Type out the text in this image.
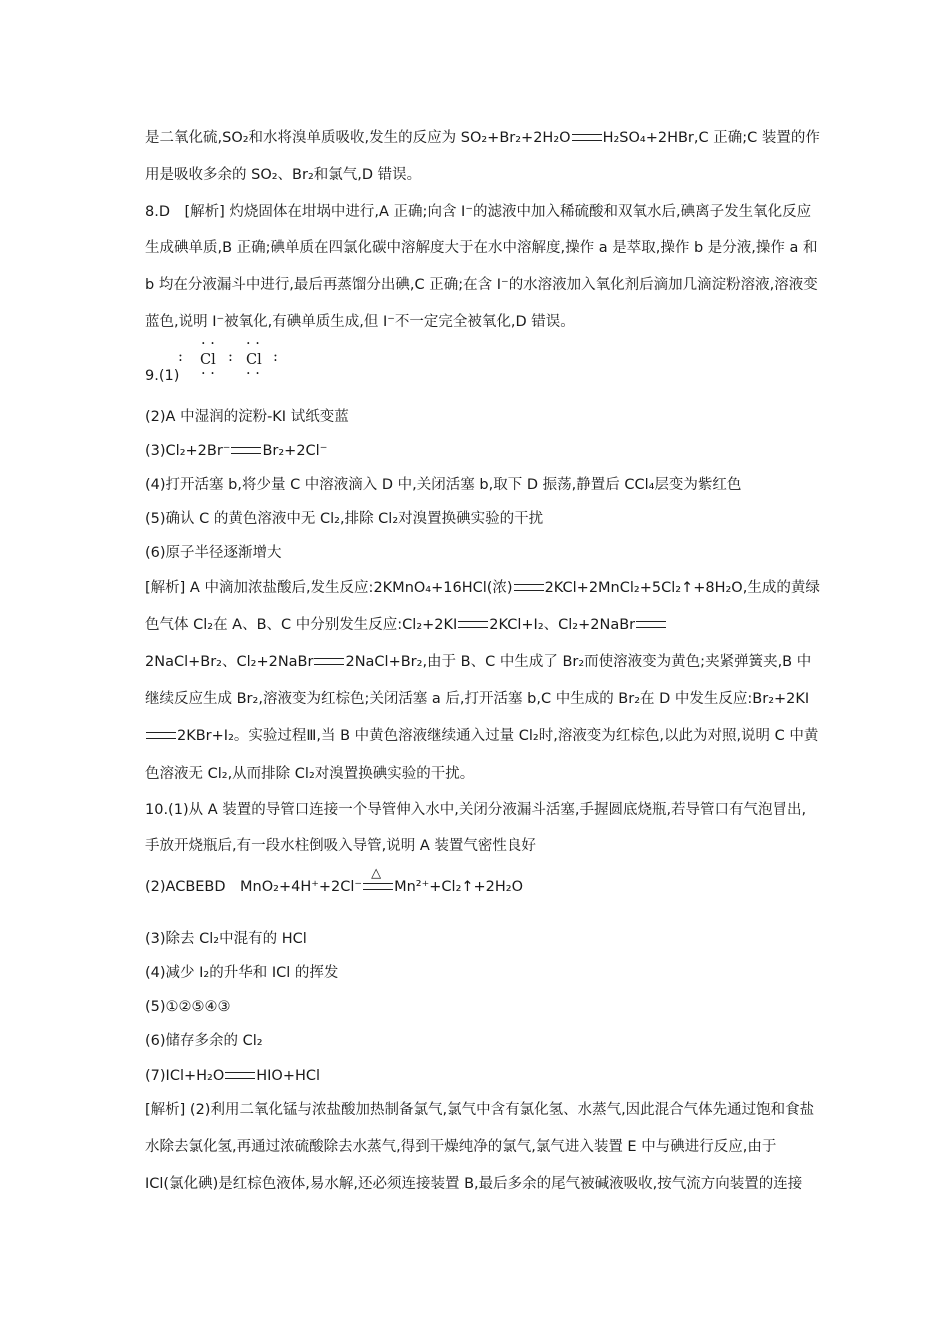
是二氧化硫,SO₂和水将溴单质吸收,发生的反应为 SO₂+Br₂+2H₂O H₂SO₄+2HBr,C 正确;C 装置的作
用是吸收多余的 SO₂、Br₂和氯气,D 错误。
8.D　[解析] 灼烧固体在坩埚中进行,A 正确;向含 I⁻的滤液中加入稀硫酸和双氧水后,碘离子发生氧化反应
生成碘单质,B 正确;碘单质在四氯化碳中溶解度大于在水中溶解度,操作 a 是萃取,操作 b 是分液,操作 a 和
b 均在分液漏斗中进行,最后再蒸馏分出碘,C 正确;在含 I⁻的水溶液加入氧化剂后滴加几滴淀粉溶液,溶液变
蓝色,说明 I⁻被氧化,有碘单质生成,但 I⁻不一定完全被氧化,D 错误。
9.(1)
:
· ·
Cl
· ·
:
· ·
Cl
· ·
:
(2)A 中湿润的淀粉-KI 试纸变蓝
(3)Cl₂+2Br⁻ Br₂+2Cl⁻
(4)打开活塞 b,将少量 C 中溶液滴入 D 中,关闭活塞 b,取下 D 振荡,静置后 CCl₄层变为紫红色
(5)确认 C 的黄色溶液中无 Cl₂,排除 Cl₂对溴置换碘实验的干扰
(6)原子半径逐渐增大
[解析] A 中滴加浓盐酸后,发生反应:2KMnO₄+16HCl(浓) 2KCl+2MnCl₂+5Cl₂↑+8H₂O,生成的黄绿
色气体 Cl₂在 A、B、C 中分别发生反应:Cl₂+2KI 2KCl+I₂、Cl₂+2NaBr
2NaCl+Br₂、Cl₂+2NaBr 2NaCl+Br₂,由于 B、C 中生成了 Br₂而使溶液变为黄色;夹紧弹簧夹,B 中
继续反应生成 Br₂,溶液变为红棕色;关闭活塞 a 后,打开活塞 b,C 中生成的 Br₂在 D 中发生反应:Br₂+2KI
2KBr+I₂。实验过程Ⅲ,当 B 中黄色溶液继续通入过量 Cl₂时,溶液变为红棕色,以此为对照,说明 C 中黄
色溶液无 Cl₂,从而排除 Cl₂对溴置换碘实验的干扰。
10.(1)从 A 装置的导管口连接一个导管伸入水中,关闭分液漏斗活塞,手握圆底烧瓶,若导管口有气泡冒出,
手放开烧瓶后,有一段水柱倒吸入导管,说明 A 装置气密性良好
(2)ACBEBD　MnO₂+4H⁺+2Cl⁻
△
Mn²⁺+Cl₂↑+2H₂O
(3)除去 Cl₂中混有的 HCl
(4)减少 I₂的升华和 ICl 的挥发
(5)①②⑤④③
(6)储存多余的 Cl₂
(7)ICl+H₂O HIO+HCl
[解析] (2)利用二氧化锰与浓盐酸加热制备氯气,氯气中含有氯化氢、水蒸气,因此混合气体先通过饱和食盐
水除去氯化氢,再通过浓硫酸除去水蒸气,得到干燥纯净的氯气,氯气进入装置 E 中与碘进行反应,由于
ICl(氯化碘)是红棕色液体,易水解,还必须连接装置 B,最后多余的尾气被碱液吸收,按气流方向装置的连接
